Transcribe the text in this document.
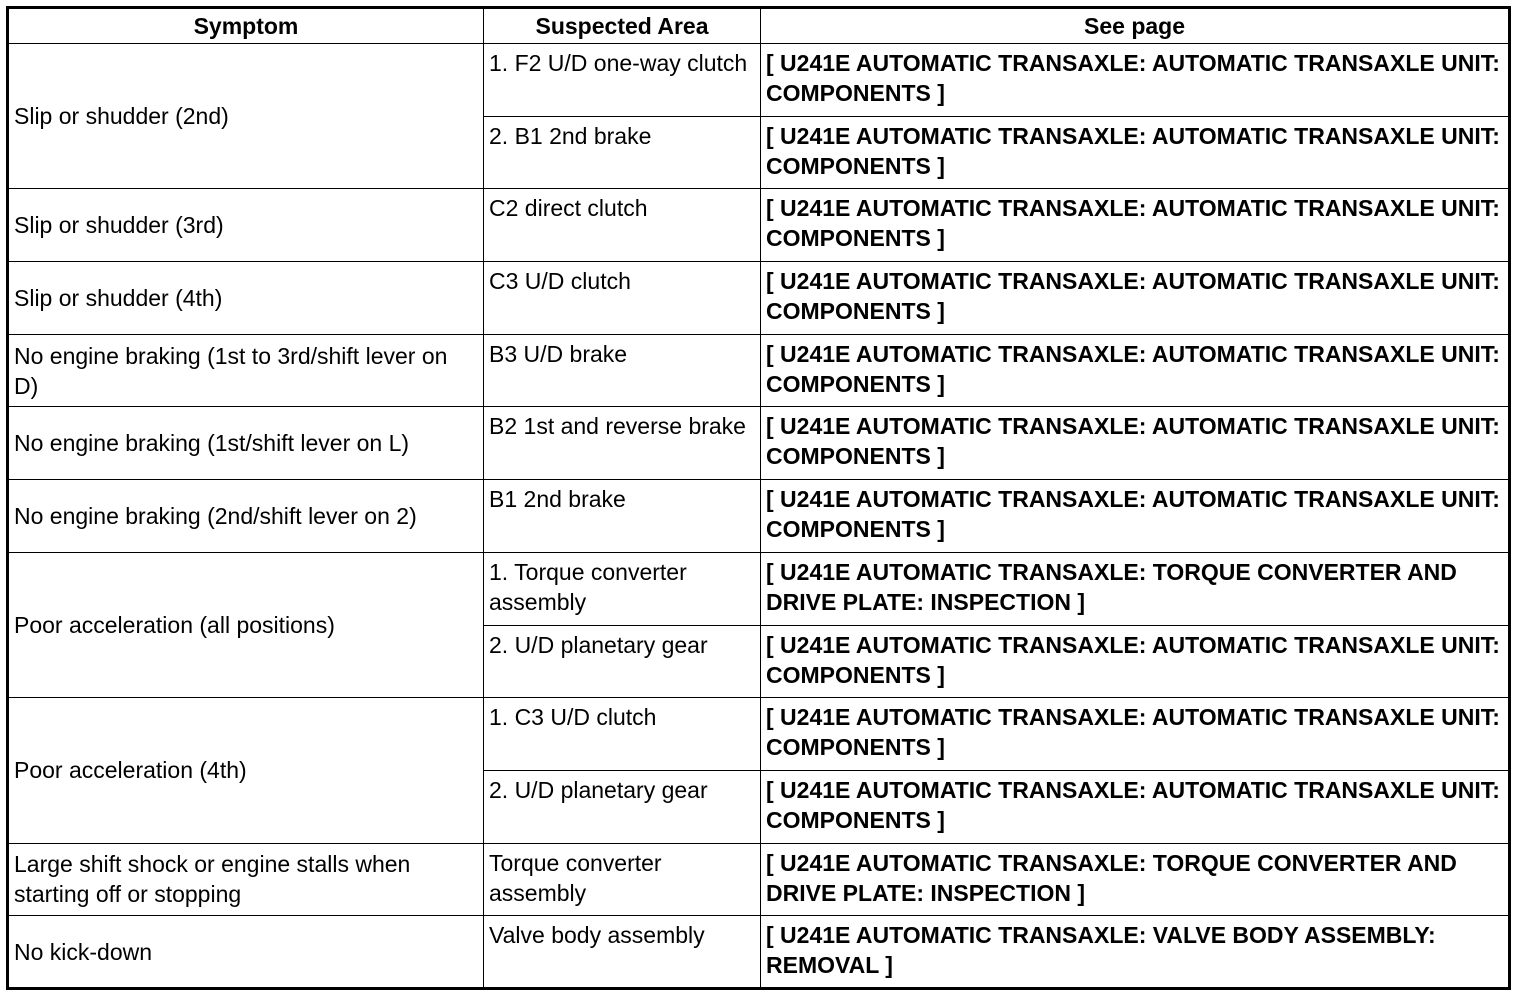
Symptom	Suspected Area	See page
Slip or shudder (2nd)	1. F2 U/D one-way clutch	[ U241E AUTOMATIC TRANSAXLE: AUTOMATIC TRANSAXLE UNIT: COMPONENTS ]
	2. B1 2nd brake	[ U241E AUTOMATIC TRANSAXLE: AUTOMATIC TRANSAXLE UNIT: COMPONENTS ]
Slip or shudder (3rd)	C2 direct clutch	[ U241E AUTOMATIC TRANSAXLE: AUTOMATIC TRANSAXLE UNIT: COMPONENTS ]
Slip or shudder (4th)	C3 U/D clutch	[ U241E AUTOMATIC TRANSAXLE: AUTOMATIC TRANSAXLE UNIT: COMPONENTS ]
No engine braking (1st to 3rd/shift lever on D)	B3 U/D brake	[ U241E AUTOMATIC TRANSAXLE: AUTOMATIC TRANSAXLE UNIT: COMPONENTS ]
No engine braking (1st/shift lever on L)	B2 1st and reverse brake	[ U241E AUTOMATIC TRANSAXLE: AUTOMATIC TRANSAXLE UNIT: COMPONENTS ]
No engine braking (2nd/shift lever on 2)	B1 2nd brake	[ U241E AUTOMATIC TRANSAXLE: AUTOMATIC TRANSAXLE UNIT: COMPONENTS ]
Poor acceleration (all positions)	1. Torque converter assembly	[ U241E AUTOMATIC TRANSAXLE: TORQUE CONVERTER AND DRIVE PLATE: INSPECTION ]
	2. U/D planetary gear	[ U241E AUTOMATIC TRANSAXLE: AUTOMATIC TRANSAXLE UNIT: COMPONENTS ]
Poor acceleration (4th)	1. C3 U/D clutch	[ U241E AUTOMATIC TRANSAXLE: AUTOMATIC TRANSAXLE UNIT: COMPONENTS ]
	2. U/D planetary gear	[ U241E AUTOMATIC TRANSAXLE: AUTOMATIC TRANSAXLE UNIT: COMPONENTS ]
Large shift shock or engine stalls when starting off or stopping	Torque converter assembly	[ U241E AUTOMATIC TRANSAXLE: TORQUE CONVERTER AND DRIVE PLATE: INSPECTION ]
No kick-down	Valve body assembly	[ U241E AUTOMATIC TRANSAXLE: VALVE BODY ASSEMBLY: REMOVAL ]
